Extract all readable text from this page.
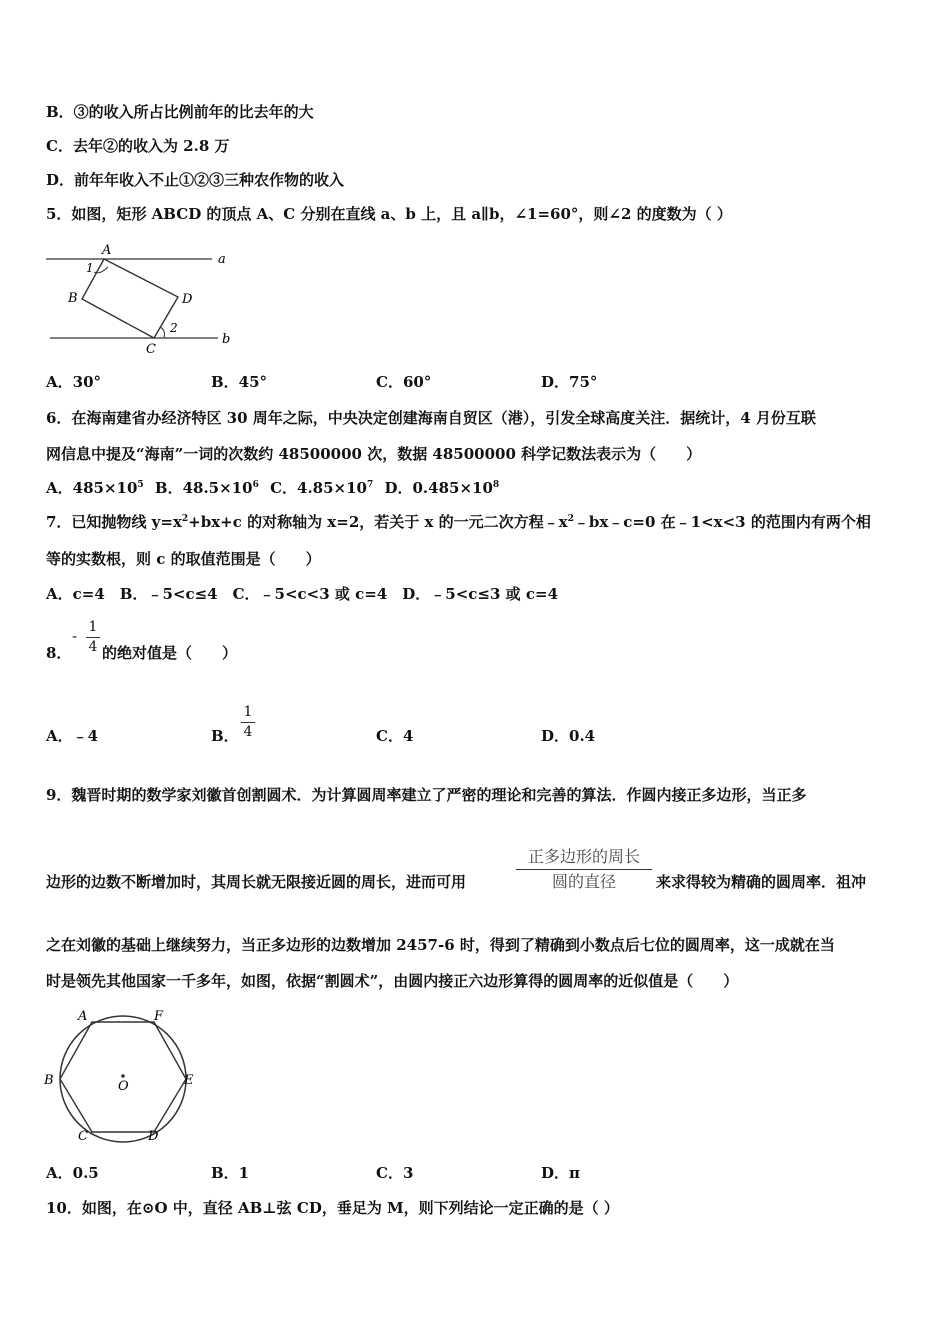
B．③的收入所占比例前年的比去年的大
C．去年②的收入为 2.8 万
D．前年年收入不止①②③三种农作物的收入
5．如图，矩形 ABCD 的顶点 A、C 分别在直线 a、b 上，且 a∥b，∠1=60°，则∠2 的度数为（ ）
A
B
C
D
a
b
1
2
A．30°	B．45°	C．60°	D．75°
6．在海南建省办经济特区 30 周年之际，中央决定创建海南自贸区（港），引发全球高度关注．据统计，4 月份互联
网信息中提及“海南”一词的次数约 48500000 次，数据 48500000 科学记数法表示为（　　）
A．$485\times 10^5$ B．$48.5\times 10^6$ C．$4.85\times 10^7$ D．$0.485\times 10^8$
7．已知抛物线 $y=x^2+bx+c$ 的对称轴为 x=2，若关于 x 的一元二次方程$﹣x^2﹣bx﹣c=0$ 在﹣1<x<3 的范围内有两个相
等的实数根，则 c 的取值范围是（　　）
A．c=4　B．﹣5<c≤4　C．﹣5<c<3 或 c=4　D．﹣5<c≤3 或 c=4
8．
- 1
4 的绝对值是（　　）
A．﹣4	B．
1
4	C．4	D．0.4
9．魏晋时期的数学家刘徽首创割圆术．为计算圆周率建立了严密的理论和完善的算法．作圆内接正多边形，当正多
边形的边数不断增加时，其周长就无限接近圆的周长，进而可用
正多边形的周长
圆的直径	来求得较为精确的圆周率．祖冲
之在刘徽的基础上继续努力，当正多边形的边数增加 2457-6 时，得到了精确到小数点后七位的圆周率，这一成就在当
时是领先其他国家一千多年，如图，依据“割圆术”，由圆内接正六边形算得的圆周率的近似值是（　　）
A	F
B	E
C	D
O
A．0.5	B．1	C．3	D．π
10．如图，在⊙O 中，直径 AB⊥弦 CD，垂足为 M，则下列结论一定正确的是（ ）
